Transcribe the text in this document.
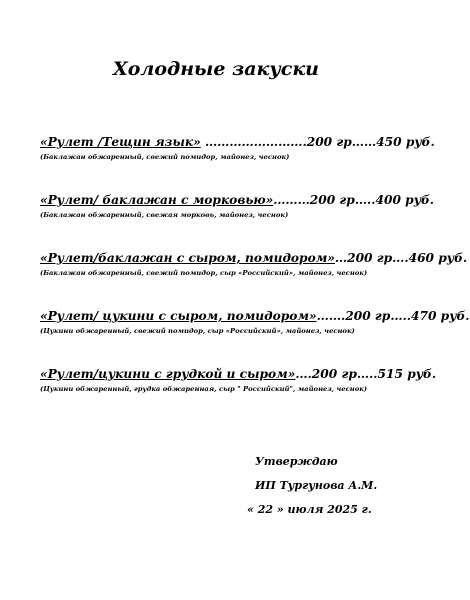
Холодные закуски
«Рулет /Тещин язык» …………………….200 гр……450 руб.
(Баклажан обжаренный, свежий помидор, майонез, чеснок)
«Рулет/ баклажан с морковью»………200 гр…..400 руб.
(Баклажан обжаренный, свежая морковь, майонез, чеснок)
«Рулет/баклажан с сыром, помидором»…200 гр….460 руб.
(Баклажан обжаренный, свежий помидор, сыр «Российский», майонез, чеснок)
«Рулет/ цукини с сыром, помидором»…….200 гр…..470 руб.
(Цукини обжаренный, свежий помидор, сыр «Российский», майонез, чеснок)
«Рулет/цукини с грудкой и сыром»….200 гр…..515 руб.
(Цукини обжаренный, грудка обжаренная, сыр " Российский", майонез, чеснок)
Утверждаю
ИП Тургунова А.М.
« 22 » июля 2025 г.
